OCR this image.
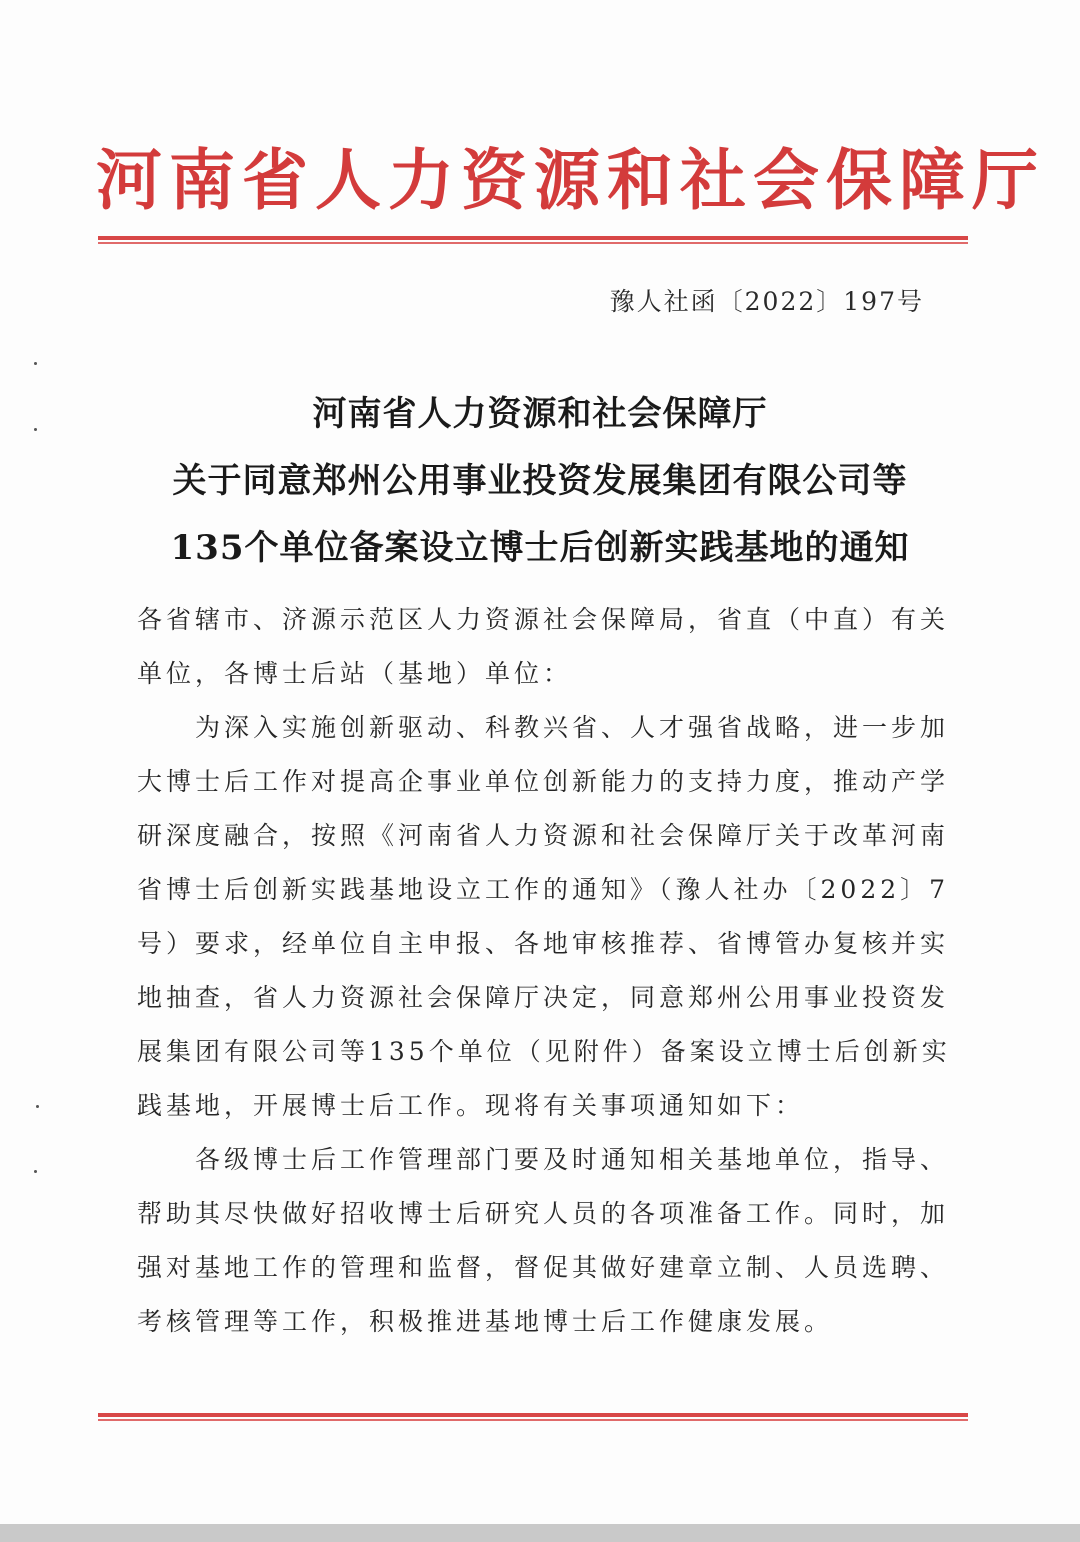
河南省人力资源和社会保障厅
豫人社函〔2022〕197号
河南省人力资源和社会保障厅
关于同意郑州公用事业投资发展集团有限公司等
135个单位备案设立博士后创新实践基地的通知
各省辖市、济源示范区人力资源社会保障局，省直（中直）有关
单位，各博士后站（基地）单位：
　　为深入实施创新驱动、科教兴省、人才强省战略，进一步加
大博士后工作对提高企事业单位创新能力的支持力度，推动产学
研深度融合，按照《河南省人力资源和社会保障厅关于改革河南
省博士后创新实践基地设立工作的通知》（豫人社办〔2022〕7
号）要求，经单位自主申报、各地审核推荐、省博管办复核并实
地抽查，省人力资源社会保障厅决定，同意郑州公用事业投资发
展集团有限公司等135个单位（见附件）备案设立博士后创新实
践基地，开展博士后工作。现将有关事项通知如下：
　　各级博士后工作管理部门要及时通知相关基地单位，指导、
帮助其尽快做好招收博士后研究人员的各项准备工作。同时，加
强对基地工作的管理和监督，督促其做好建章立制、人员选聘、
考核管理等工作，积极推进基地博士后工作健康发展。
